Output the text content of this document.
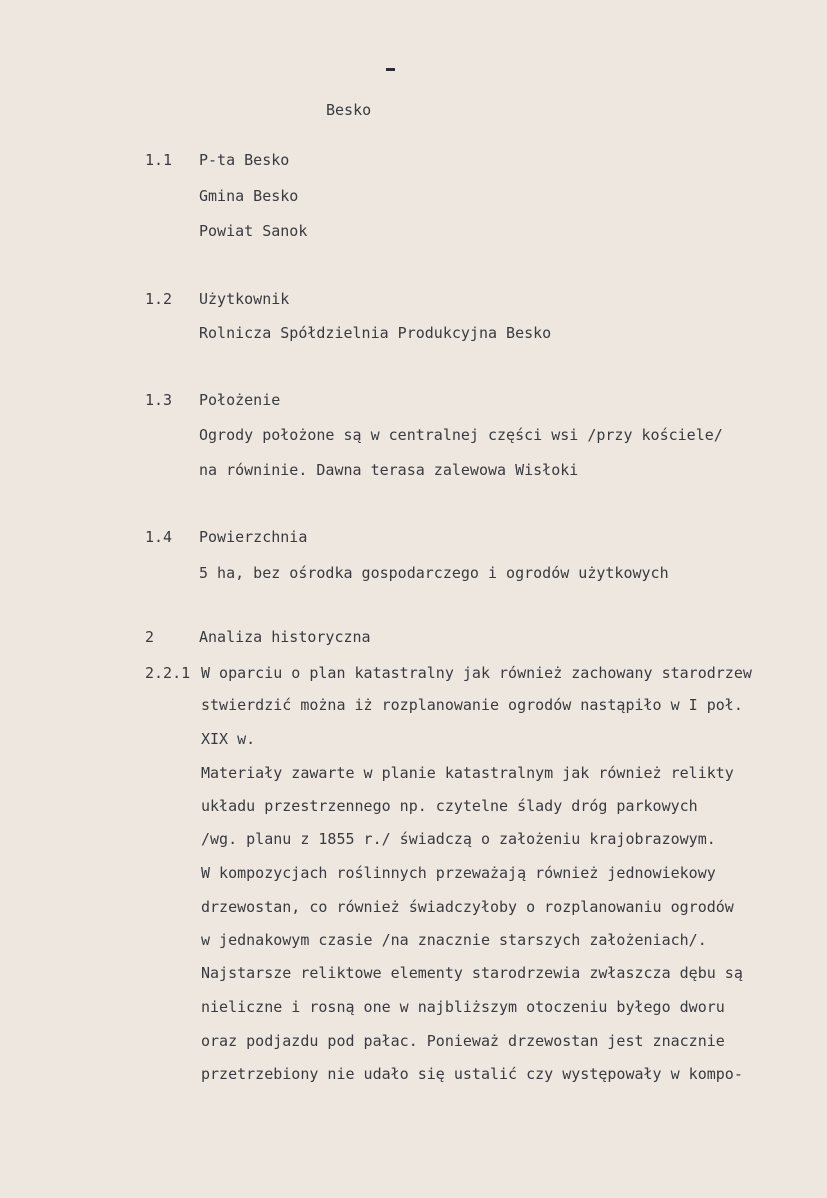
Besko
1.1 P-ta Besko
Gmina Besko
Powiat Sanok
1.2 Użytkownik
Rolnicza Spółdzielnia Produkcyjna Besko
1.3 Położenie
Ogrody położone są w centralnej części wsi /przy kościele/
na równinie. Dawna terasa zalewowa Wisłoki
1.4 Powierzchnia
5 ha, bez ośrodka gospodarczego i ogrodów użytkowych
2	Analiza historyczna
2.2.1 W oparciu o plan katastralny jak również zachowany starodrzew
stwierdzić można iż rozplanowanie ogrodów nastąpiło w I poł.
XIX w.
Materiały zawarte w planie katastralnym jak również relikty
układu przestrzennego np. czytelne ślady dróg parkowych
/wg. planu z 1855 r./ świadczą o założeniu krajobrazowym.
W kompozycjach roślinnych przeważają również jednowiekowy
drzewostan, co również świadczyłoby o rozplanowaniu ogrodów
w jednakowym czasie /na znacznie starszych założeniach/.
Najstarsze reliktowe elementy starodrzewia zwłaszcza dębu są
nieliczne i rosną one w najbliższym otoczeniu byłego dworu
oraz podjazdu pod pałac. Ponieważ drzewostan jest znacznie
przetrzebiony nie udało się ustalić czy występowały w kompo-
